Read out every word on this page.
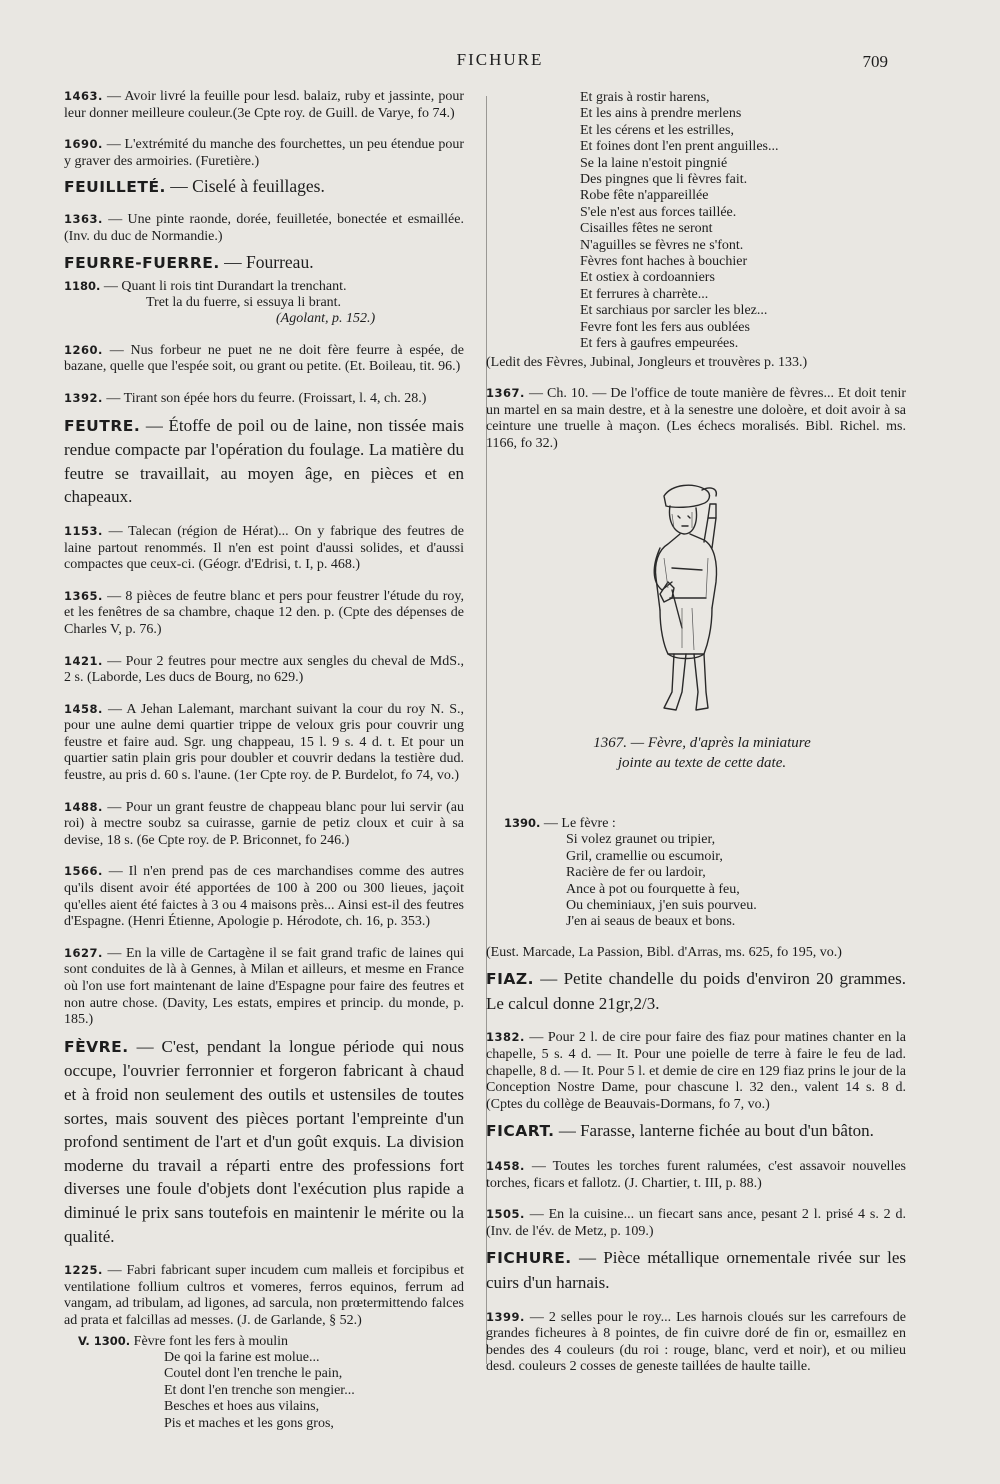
FICHURE	709

1463. — Avoir livré la feuille pour lesd. balaiz, ruby et jassinte, pour leur donner meilleure couleur.(3e Cpte roy. de Guill. de Varye, fo 74.)

1690. — L'extrémité du manche des fourchettes, un peu étendue pour y graver des armoiries. (Furetière.)

FEUILLETÉ. — Ciselé à feuillages.

1363. — Une pinte raonde, dorée, feuilletée, bonectée et esmaillée. (Inv. du duc de Normandie.)

FEURRE-FUERRE. — Fourreau.

1180. — Quant li rois tint Durandart la trenchant.
Tret la du fuerre, si essuya li brant.
(Agolant, p. 152.)

1260. — Nus forbeur ne puet ne ne doit fère feurre à espée, de bazane, quelle que l'espée soit, ou grant ou petite. (Et. Boileau, tit. 96.)

1392. — Tirant son épée hors du feurre. (Froissart, l. 4, ch. 28.)

FEUTRE. — Étoffe de poil ou de laine, non tissée mais rendue compacte par l'opération du foulage. La matière du feutre se travaillait, au moyen âge, en pièces et en chapeaux.

1153. — Talecan (région de Hérat)... On y fabrique des feutres de laine partout renommés. Il n'en est point d'aussi solides, et d'aussi compactes que ceux-ci. (Géogr. d'Edrisi, t. I, p. 468.)

1365. — 8 pièces de feutre blanc et pers pour feustrer l'étude du roy, et les fenêtres de sa chambre, chaque 12 den. p. (Cpte des dépenses de Charles V, p. 76.)

1421. — Pour 2 feutres pour mectre aux sengles du cheval de MdS., 2 s. (Laborde, Les ducs de Bourg, no 629.)

1458. — A Jehan Lalemant, marchant suivant la cour du roy N. S., pour une aulne demi quartier trippe de veloux gris pour couvrir ung feustre et faire aud. Sgr. ung chappeau, 15 l. 9 s. 4 d. t. Et pour un quartier satin plain gris pour doubler et couvrir dedans la testière dud. feustre, au pris d. 60 s. l'aune. (1er Cpte roy. de P. Burdelot, fo 74, vo.)

1488. — Pour un grant feustre de chappeau blanc pour lui servir (au roi) à mectre soubz sa cuirasse, garnie de petiz cloux et cuir à sa devise, 18 s. (6e Cpte roy. de P. Briconnet, fo 246.)

1566. — Il n'en prend pas de ces marchandises comme des autres qu'ils disent avoir été apportées de 100 à 200 ou 300 lieues, jaçoit qu'elles aient été faictes à 3 ou 4 maisons près... Ainsi est-il des feutres d'Espagne. (Henri Étienne, Apologie p. Hérodote, ch. 16, p. 353.)

1627. — En la ville de Cartagène il se fait grand trafic de laines qui sont conduites de là à Gennes, à Milan et ailleurs, et mesme en France où l'on use fort maintenant de laine d'Espagne pour faire des feutres et non autre chose. (Davity, Les estats, empires et princip. du monde, p. 185.)

FÈVRE. — C'est, pendant la longue période qui nous occupe, l'ouvrier ferronnier et forgeron fabricant à chaud et à froid non seulement des outils et ustensiles de toutes sortes, mais souvent des pièces portant l'empreinte d'un profond sentiment de l'art et d'un goût exquis. La division moderne du travail a réparti entre des professions fort diverses une foule d'objets dont l'exécution plus rapide a diminué le prix sans toutefois en maintenir le mérite ou la qualité.

1225. — Fabri fabricant super incudem cum malleis et forcipibus et ventilatione follium cultros et vomeres, ferros equinos, ferrum ad vangam, ad tribulam, ad ligones, ad sarcula, non prœtermittendo falces ad prata et falcillas ad messes. (J. de Garlande, § 52.)

V. 1300. Fèvre font les fers à moulin
De qoi la farine est molue...
Coutel dont l'en trenche le pain,
Et dont l'en trenche son mengier...
Besches et hoes aus vilains,
Pis et maches et les gons gros,
Et grais à rostir harens,
Et les ains à prendre merlens
Et les cérens et les estrilles,
Et foines dont l'en prent anguilles...
Se la laine n'estoit pingnié
Des pingnes que li fèvres fait.
Robe fête n'appareillée
S'ele n'est aus forces taillée.
Cisailles fêtes ne seront
N'aguilles se fèvres ne s'font.
Fèvres font haches à bouchier
Et ostiex à cordoanniers
Et ferrures à charrète...
Et sarchiaus por sarcler les blez...
Fevre font les fers aus oublées
Et fers à gaufres empeurées.

(Ledit des Fèvres, Jubinal, Jongleurs et trouvères p. 133.)

1367. — Ch. 10. — De l'office de toute manière de fèvres... Et doit tenir un martel en sa main destre, et à la senestre une doloère, et doit avoir à sa ceinture une truelle à maçon. (Les échecs moralisés. Bibl. Richel. ms. 1166, fo 32.)

1367. — Fèvre, d'après la miniature
jointe au texte de cette date.
1390. — Le fèvre :
Si volez graunet ou tripier,
Gril, cramellie ou escumoir,
Racière de fer ou lardoir,
Ance à pot ou fourquette à feu,
Ou cheminiaux, j'en suis pourveu.
J'en ai seaus de beaux et bons.

(Eust. Marcade, La Passion, Bibl. d'Arras, ms. 625, fo 195, vo.)

FIAZ. — Petite chandelle du poids d'environ 20 grammes. Le calcul donne 21gr,2/3.

1382. — Pour 2 l. de cire pour faire des fiaz pour matines chanter en la chapelle, 5 s. 4 d. — It. Pour une poielle de terre à faire le feu de lad. chapelle, 8 d. — It. Pour 5 l. et demie de cire en 129 fiaz prins le jour de la Conception Nostre Dame, pour chascune l. 32 den., valent 14 s. 8 d. (Cptes du collège de Beauvais-Dormans, fo 7, vo.)

FICART. — Farasse, lanterne fichée au bout d'un bâton.

1458. — Toutes les torches furent ralumées, c'est assavoir nouvelles torches, ficars et fallotz. (J. Chartier, t. III, p. 88.)

1505. — En la cuisine... un fiecart sans ance, pesant 2 l. prisé 4 s. 2 d. (Inv. de l'év. de Metz, p. 109.)

FICHURE. — Pièce métallique ornementale rivée sur les cuirs d'un harnais.

1399. — 2 selles pour le roy... Les harnois cloués sur les carrefours de grandes ficheures à 8 pointes, de fin cuivre doré de fin or, esmaillez en bendes des 4 couleurs (du roi : rouge, blanc, verd et noir), et ou milieu desd. couleurs 2 cosses de geneste taillées de haulte taille.
